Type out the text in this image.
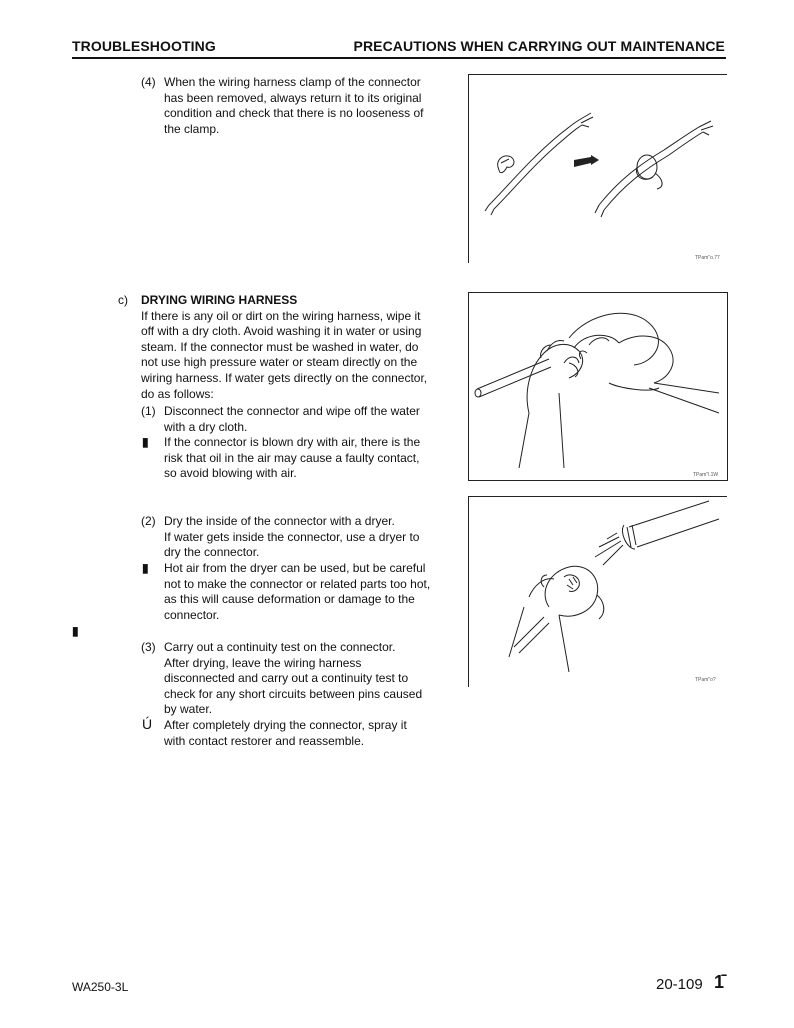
TROUBLESHOOTING	PRECAUTIONS WHEN CARRYING OUT MAINTENANCE
(4) When the wiring harness clamp of the connector
has been removed, always return it to its original
condition and check that there is no looseness of
the clamp.
TPam"o.77
c) DRYING WIRING HARNESS
If there is any oil or dirt on the wiring harness, wipe it
off with a dry cloth. Avoid washing it in water or using
steam. If the connector must be washed in water, do
not use high pressure water or steam directly on the
wiring harness. If water gets directly on the connector,
do as follows:
(1) Disconnect the connector and wipe off the water
with a dry cloth.
▮ If the connector is blown dry with air, there is the
risk that oil in the air may cause a faulty contact,
so avoid blowing with air.	TPam"l.1W
(2) Dry the inside of the connector with a dryer.
If water gets inside the connector, use a dryer to
dry the connector.
▮ Hot air from the dryer can be used, but be careful
not to make the connector or related parts too hot,
as this will cause deformation or damage to the
connector.
▮
TPam"o?
(3) Carry out a continuity test on the connector.
After drying, leave the wiring harness
disconnected and carry out a continuity test to
check for any short circuits between pins caused
by water.
Ú After completely drying the connector, spray it
with contact restorer and reassemble.
WA250-3L	20-109 1̄
